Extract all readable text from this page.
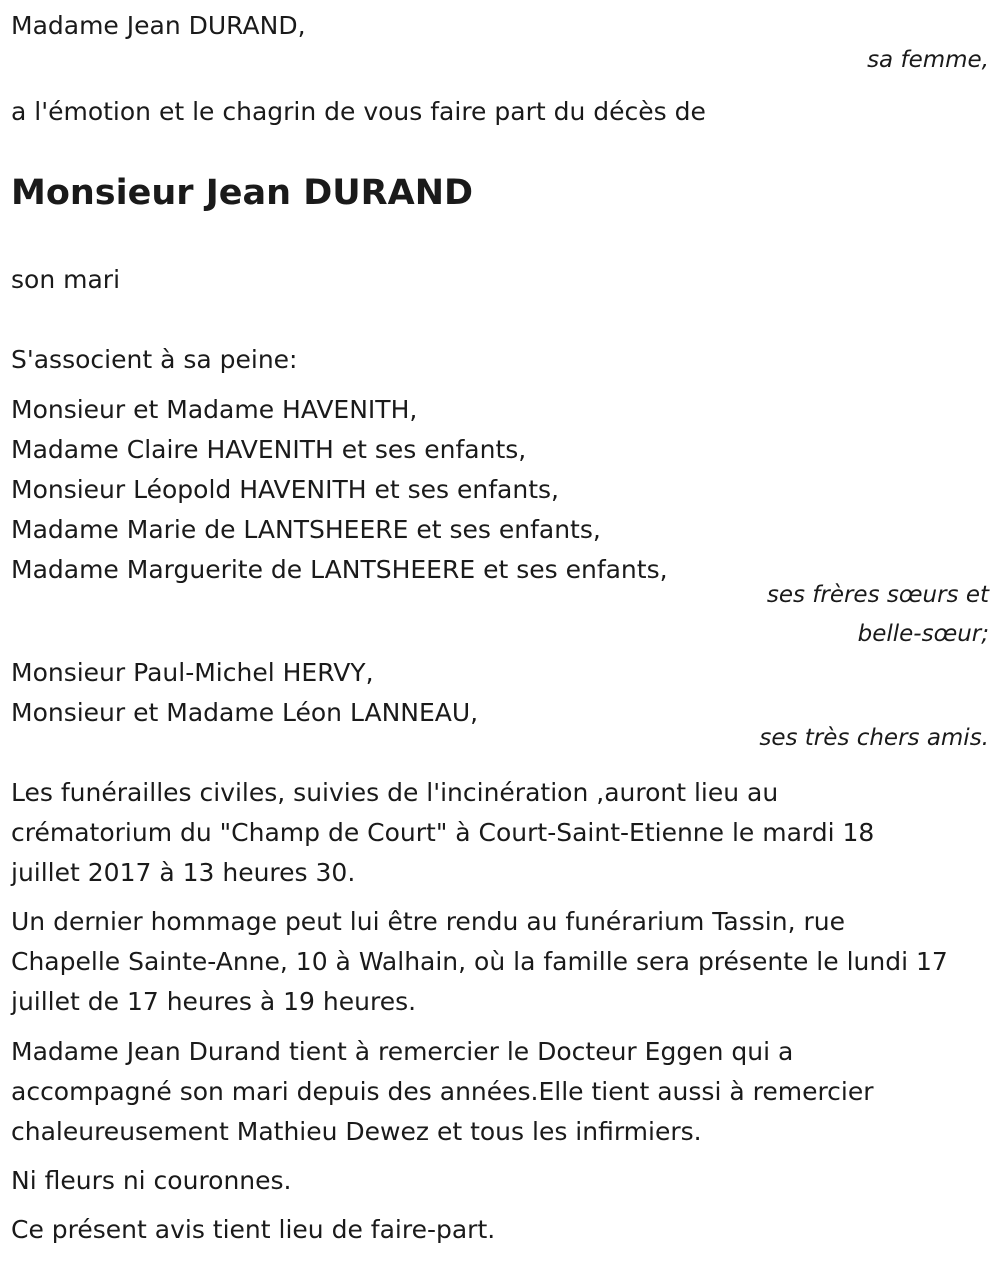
Madame Jean DURAND,

sa femme,

a l'émotion et le chagrin de vous faire part du décès de

Monsieur Jean DURAND

son mari

S'associent à sa peine:

Monsieur et Madame HAVENITH,

Madame Claire HAVENITH et ses enfants,

Monsieur Léopold HAVENITH et ses enfants,

Madame Marie de LANTSHEERE et ses enfants,

Madame Marguerite de LANTSHEERE et ses enfants,

ses frères sœurs et

belle-sœur;

Monsieur Paul-Michel HERVY,

Monsieur et Madame Léon LANNEAU,

ses très chers amis.

Les funérailles civiles, suivies de l'incinération ,auront lieu au

crématorium du "Champ de Court" à Court-Saint-Etienne le mardi 18

juillet 2017 à 13 heures 30.

Un dernier hommage peut lui être rendu au funérarium Tassin, rue

Chapelle Sainte-Anne, 10 à Walhain, où la famille sera présente le lundi 17

juillet de 17 heures à 19 heures.

Madame Jean Durand tient à remercier le Docteur Eggen qui a

accompagné son mari depuis des années.Elle tient aussi à remercier

chaleureusement Mathieu Dewez et tous les infirmiers.

Ni fleurs ni couronnes.

Ce présent avis tient lieu de faire-part.
